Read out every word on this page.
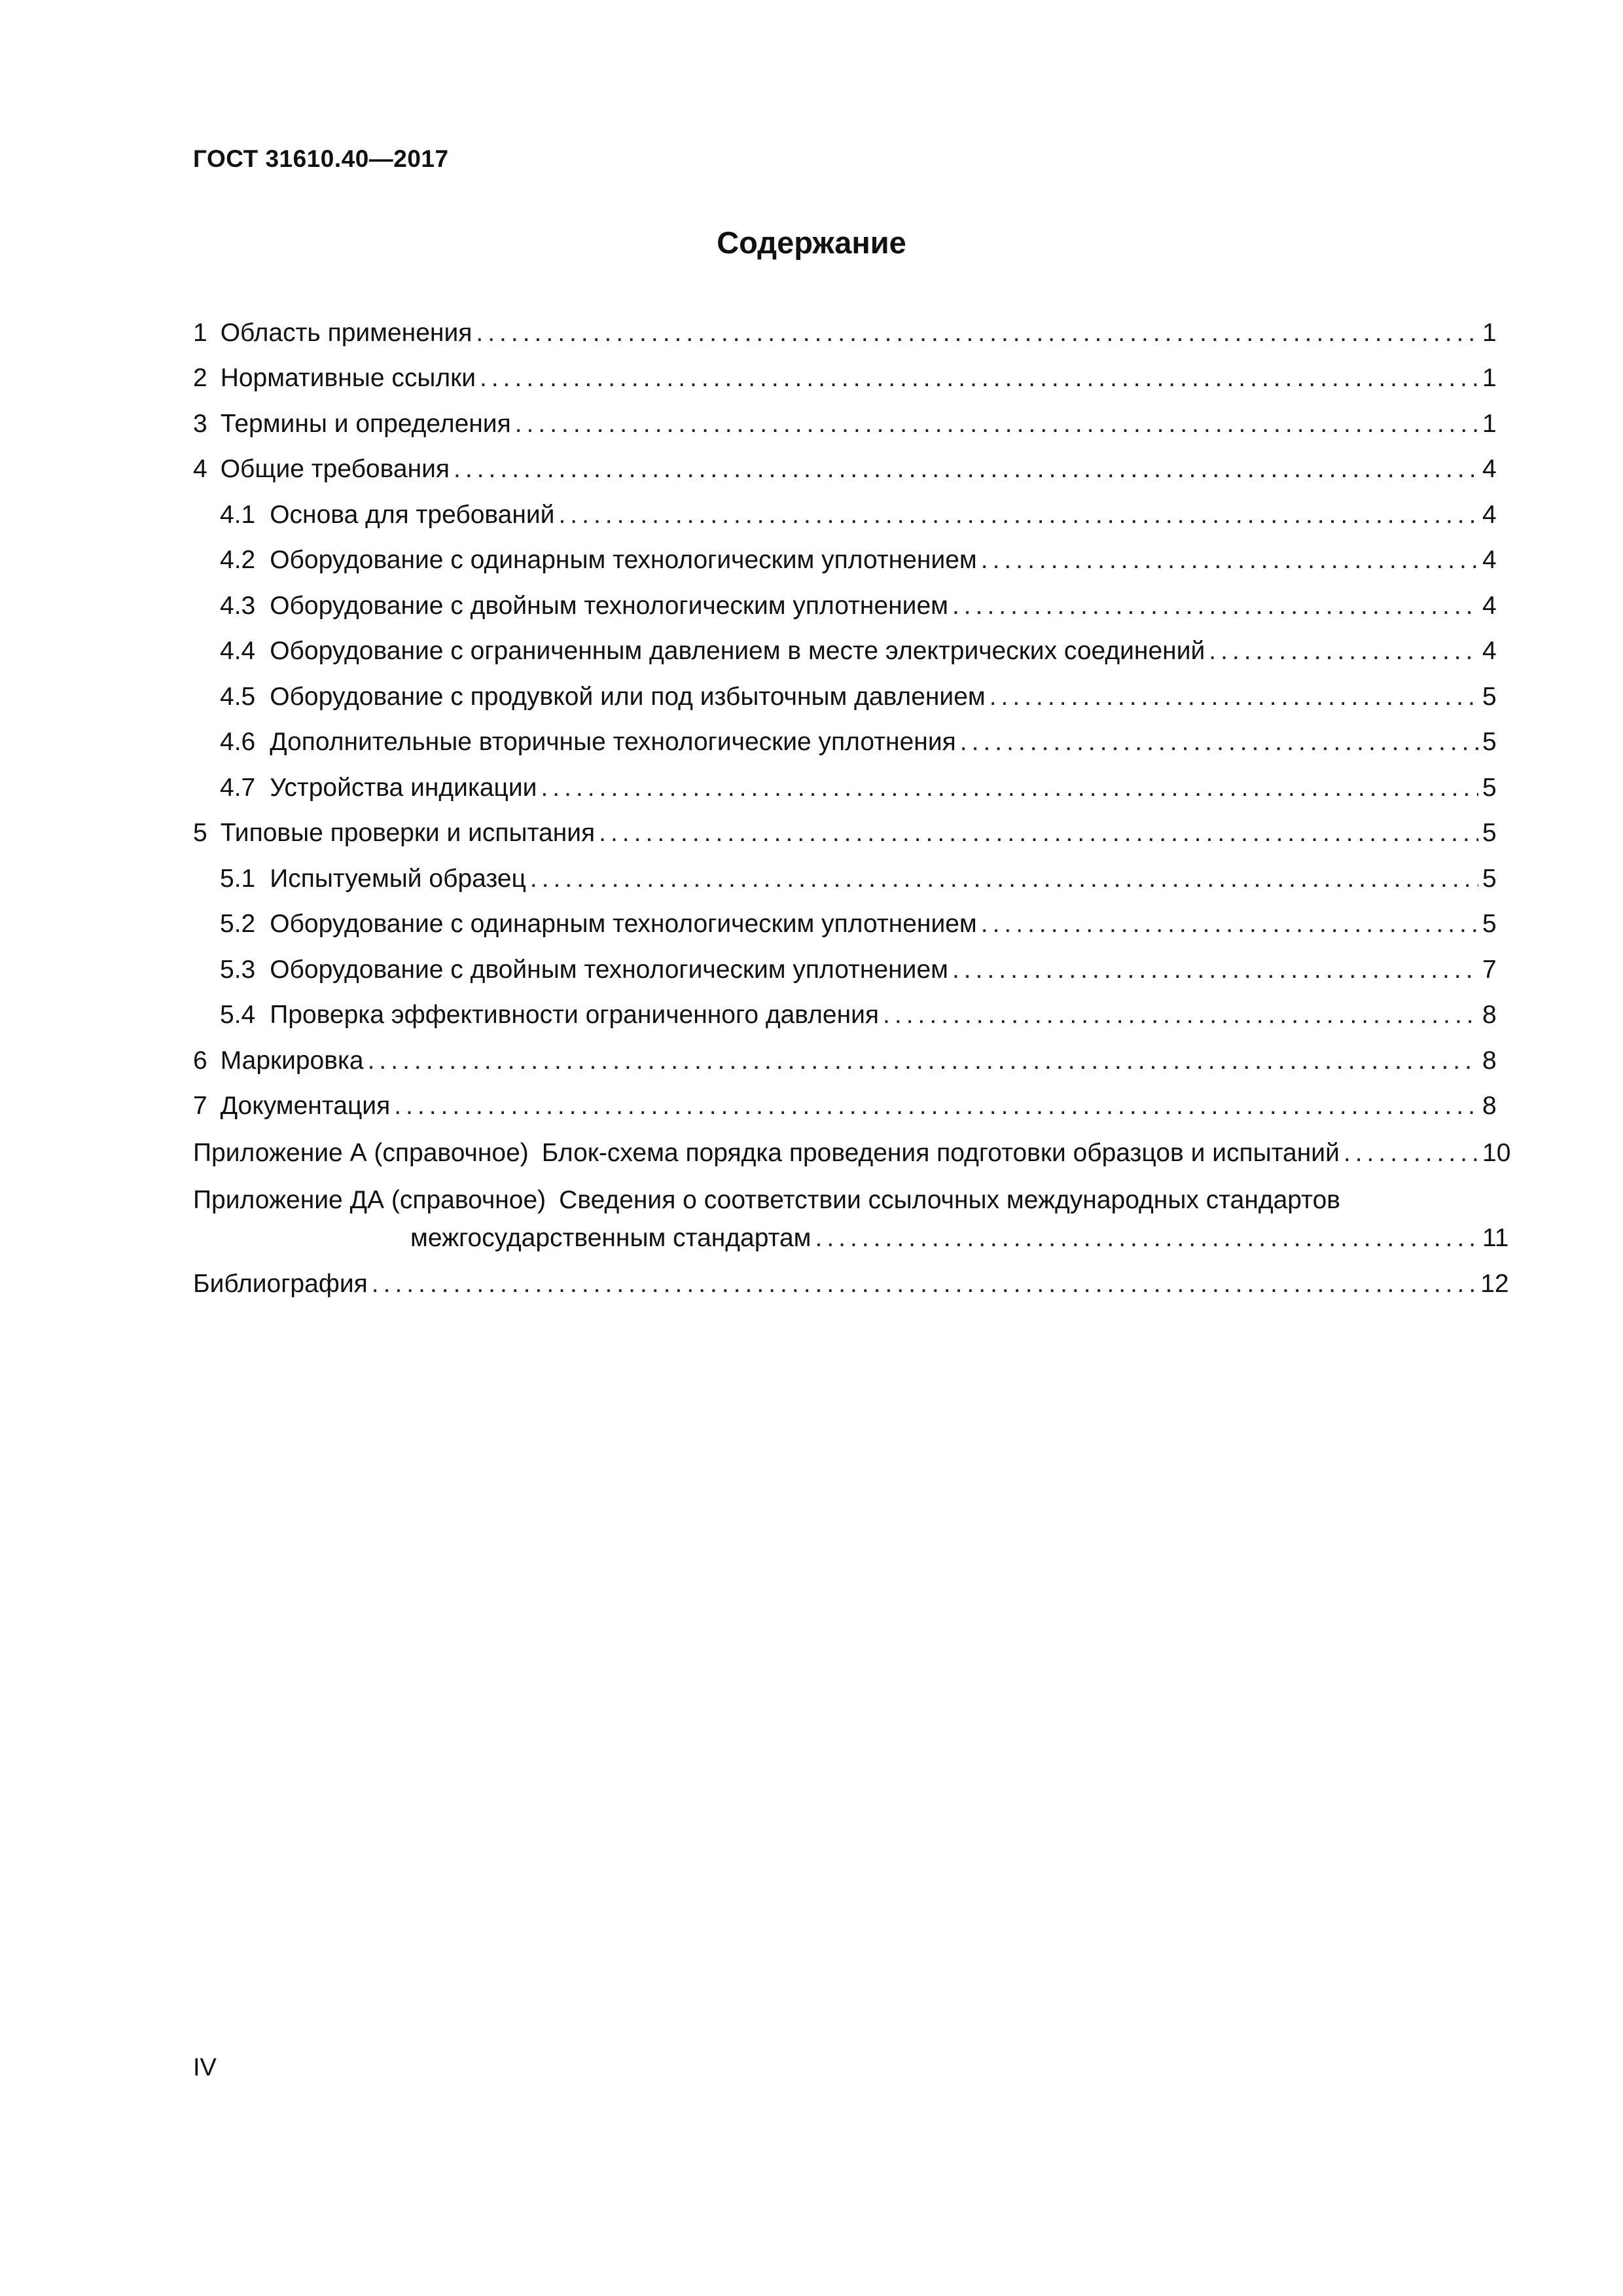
ГОСТ 31610.40—2017
Содержание
1 Область применения .....	1
2 Нормативные ссылки .....	1
3 Термины и определения .....	1
4 Общие требования .....	4
4.1 Основа для требований .....	4
4.2 Оборудование с одинарным технологическим уплотнением .....	4
4.3 Оборудование с двойным технологическим уплотнением .....	4
4.4 Оборудование с ограниченным давлением в месте электрических соединений .....	4
4.5 Оборудование с продувкой или под избыточным давлением .....	5
4.6 Дополнительные вторичные технологические уплотнения .....	5
4.7 Устройства индикации .....	5
5 Типовые проверки и испытания .....	5
5.1 Испытуемый образец .....	5
5.2 Оборудование с одинарным технологическим уплотнением .....	5
5.3 Оборудование с двойным технологическим уплотнением .....	7
5.4 Проверка эффективности ограниченного давления .....	8
6 Маркировка .....	8
7 Документация .....	8
Приложение А (справочное) Блок-схема порядка проведения подготовки образцов и испытаний .....	10
Приложение ДА (справочное) Сведения о соответствии ссылочных международных стандартов
межгосударственным стандартам .....	11
Библиография .....	12
IV
